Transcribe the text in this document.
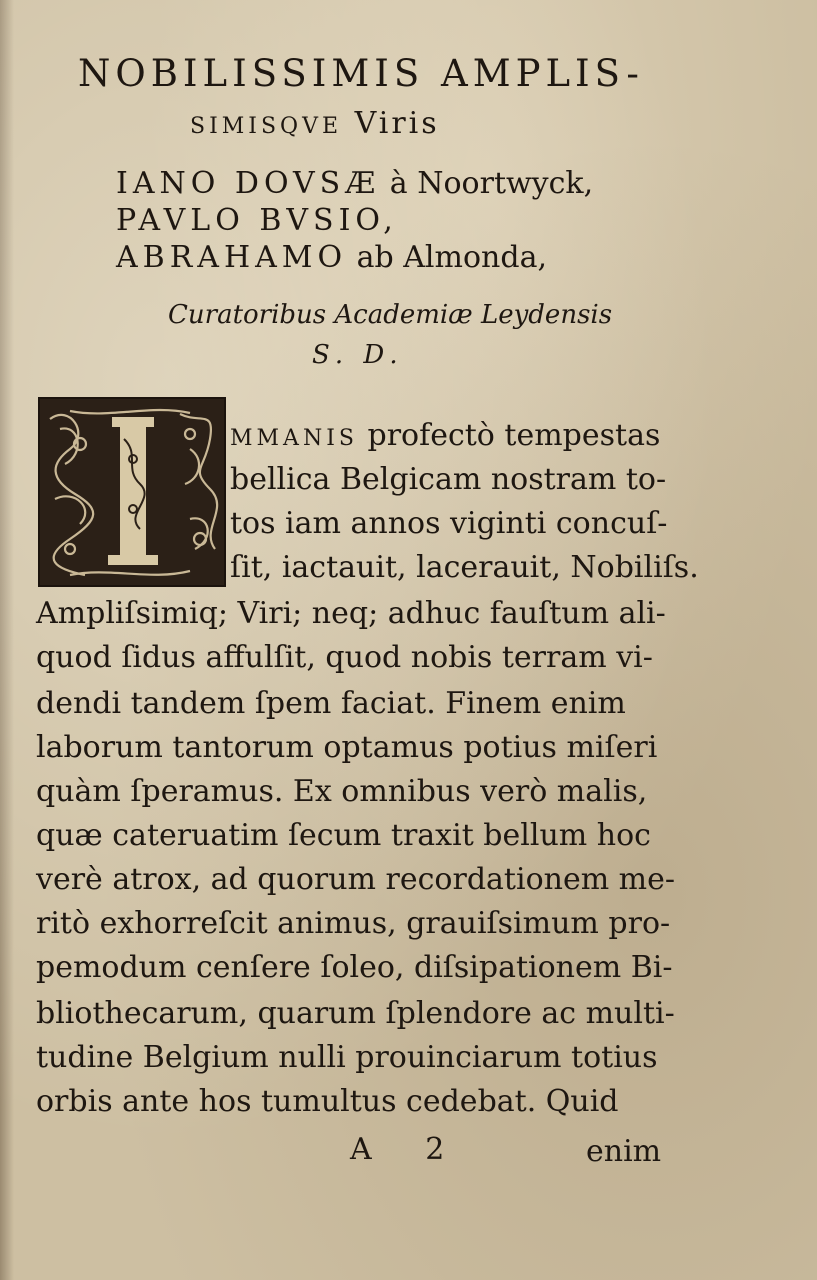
NOBILISSIMIS AMPLIS-
SIMISQVE Viris
IANO DOVSÆ à Noortwyck,
PAVLO BVSIO,
ABRAHAMO ab Almonda,
Curatoribus Academiæ Leydensis
S. D.
MMANIS profectò tempestas
bellica Belgicam nostram to-
tos iam annos viginti concuſ-
ſit, iactauit, lacerauit, Nobiliſs.
Ampliſsimiq; Viri; neq; adhuc fauſtum ali-
quod ſidus affulſit, quod nobis terram vi-
dendi tandem ſpem faciat. Finem enim
laborum tantorum optamus potius miſeri
quàm ſperamus. Ex omnibus verò malis,
quæ cateruatim ſecum traxit bellum hoc
verè atrox, ad quorum recordationem me-
ritò exhorreſcit animus, grauiſsimum pro-
pemodum cenſere ſoleo, diſsipationem Bi-
bliothecarum, quarum ſplendore ac multi-
tudine Belgium nulli prouinciarum totius
orbis ante hos tumultus cedebat. Quid
A 2	enim
